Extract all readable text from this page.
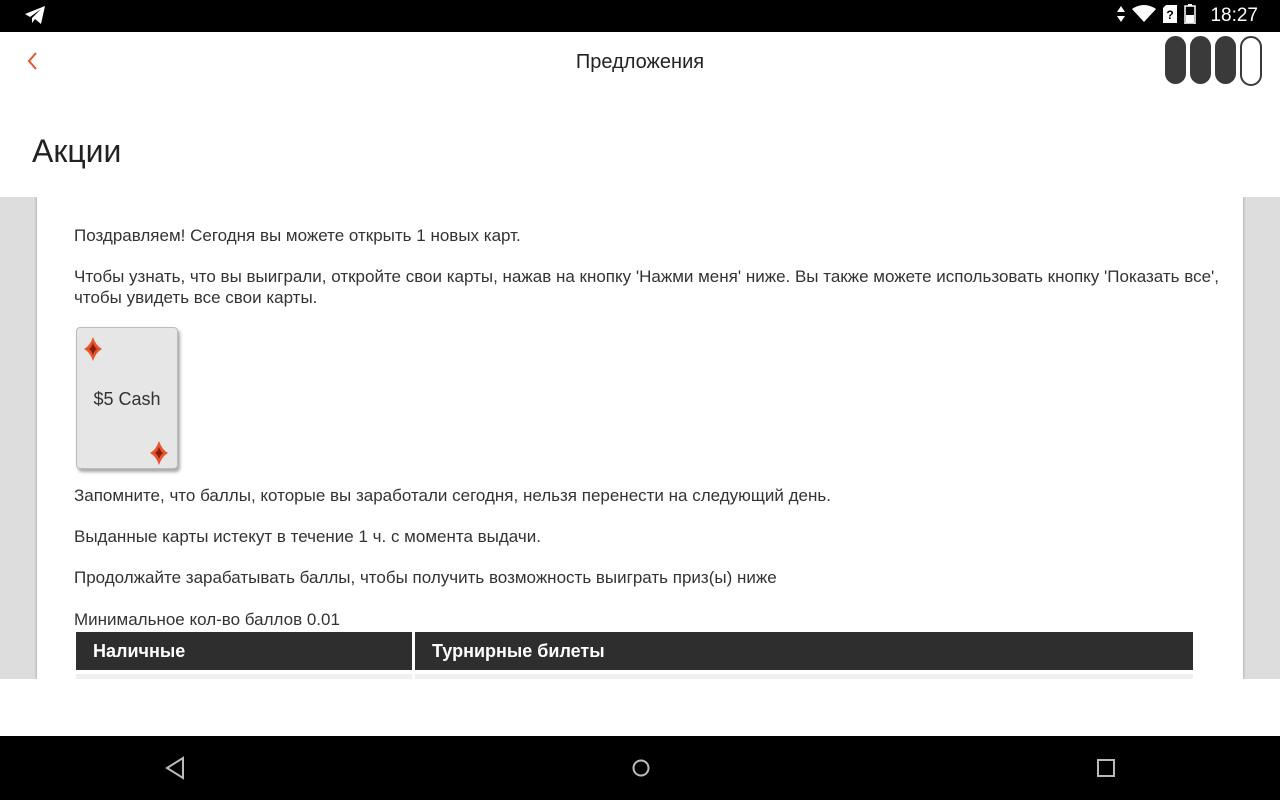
? 18:27
Предложения
Акции
Поздравляем! Сегодня вы можете открыть 1 новых карт.
Чтобы узнать, что вы выиграли, откройте свои карты, нажав на кнопку 'Нажми меня' ниже. Вы также можете использовать кнопку 'Показать все',
чтобы увидеть все свои карты.
$5 Cash
Запомните, что баллы, которые вы заработали сегодня, нельзя перенести на следующий день.
Выданные карты истекут в течение 1 ч. с момента выдачи.
Продолжайте зарабатывать баллы, чтобы получить возможность выиграть приз(ы) ниже
Минимальное кол-во баллов 0.01
Наличные	Турнирные билеты
